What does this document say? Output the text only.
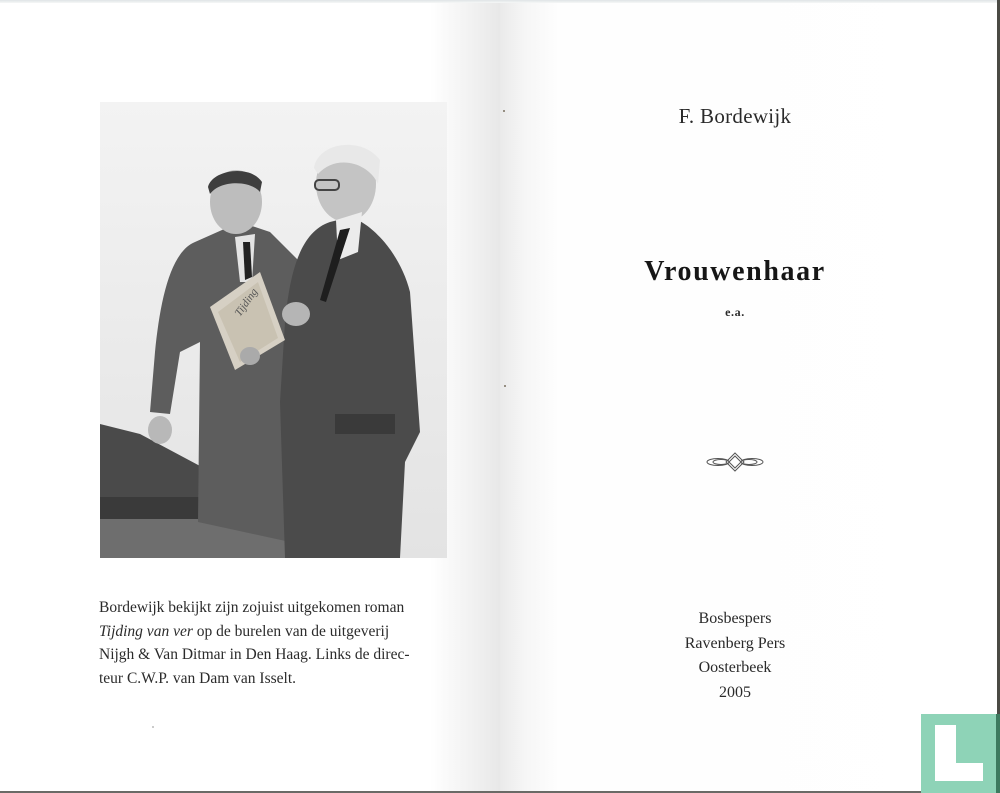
Tijding
Bordewijk bekijkt zijn zojuist uitgekomen roman
Tijding van ver op de burelen van de uitgeverij
Nijgh & Van Ditmar in Den Haag. Links de direc-
teur C.W.P. van Dam van Isselt.
F. Bordewijk
Vrouwenhaar
e.a.
Bosbespers
Ravenberg Pers
Oosterbeek
2005
